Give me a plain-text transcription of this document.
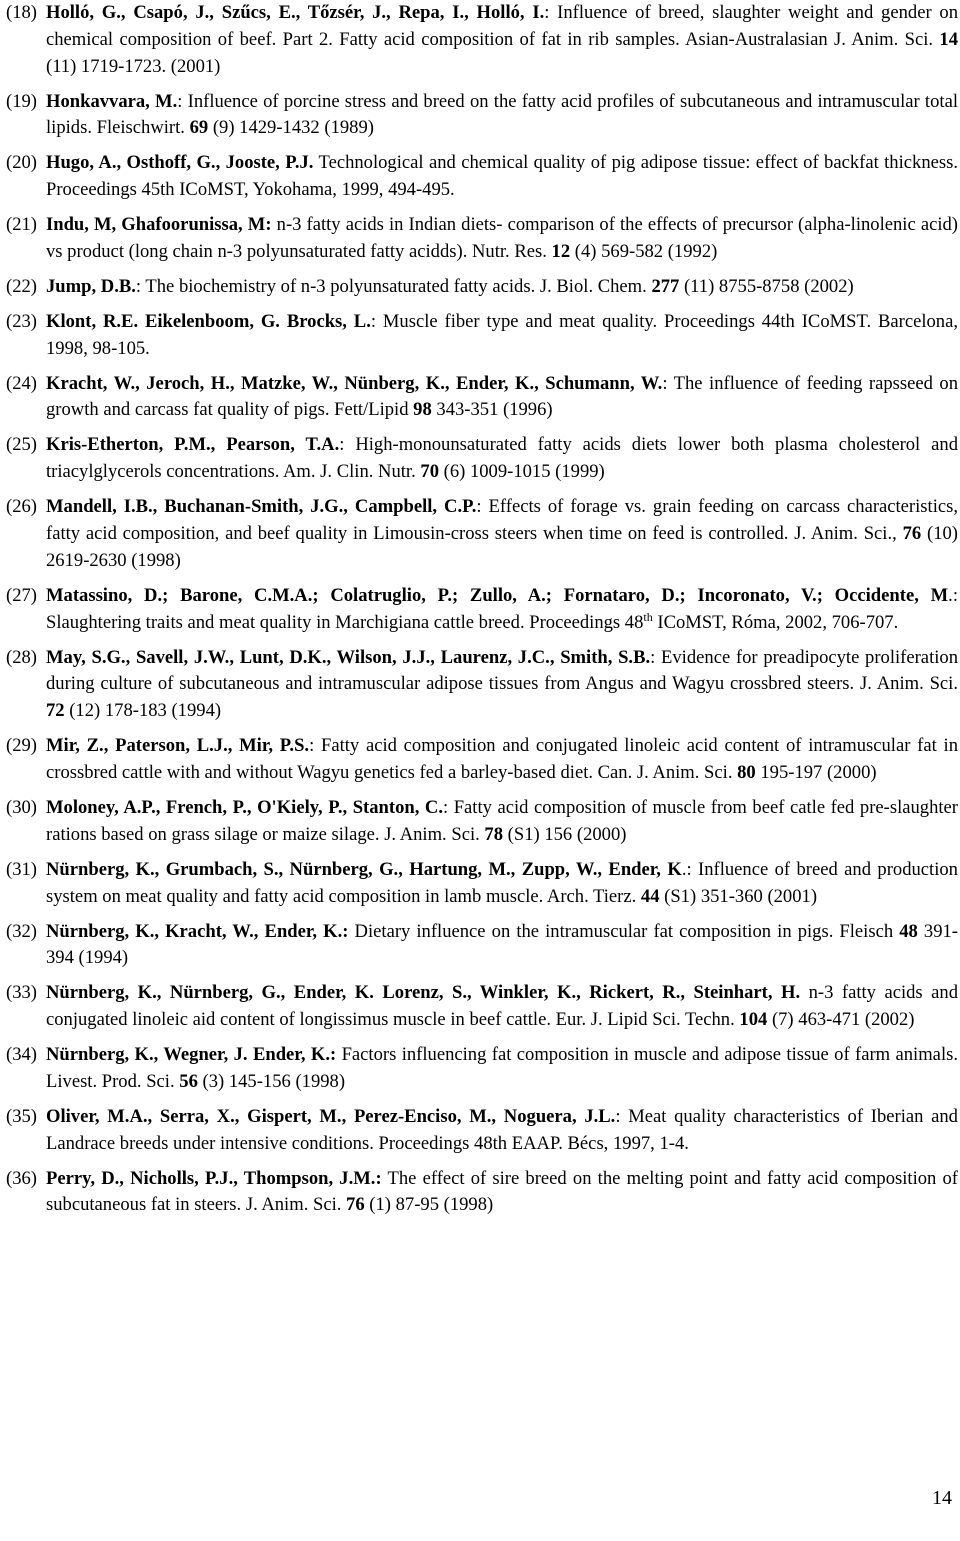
(18) Holló, G., Csapó, J., Szűcs, E., Tőzsér, J., Repa, I., Holló, I.: Influence of breed, slaughter weight and gender on chemical composition of beef. Part 2. Fatty acid composition of fat in rib samples. Asian-Australasian J. Anim. Sci. 14 (11) 1719-1723. (2001)
(19) Honkavvara, M.: Influence of porcine stress and breed on the fatty acid profiles of subcutaneous and intramuscular total lipids. Fleischwirt. 69 (9) 1429-1432 (1989)
(20) Hugo, A., Osthoff, G., Jooste, P.J. Technological and chemical quality of pig adipose tissue: effect of backfat thickness. Proceedings 45th ICoMST, Yokohama, 1999, 494-495.
(21) Indu, M, Ghafoorunissa, M: n-3 fatty acids in Indian diets- comparison of the effects of precursor (alpha-linolenic acid) vs product (long chain n-3 polyunsaturated fatty acidds). Nutr. Res. 12 (4) 569-582 (1992)
(22) Jump, D.B.: The biochemistry of n-3 polyunsaturated fatty acids. J. Biol. Chem. 277 (11) 8755-8758 (2002)
(23) Klont, R.E. Eikelenboom, G. Brocks, L.: Muscle fiber type and meat quality. Proceedings 44th ICoMST. Barcelona, 1998, 98-105.
(24) Kracht, W., Jeroch, H., Matzke, W., Nünberg, K., Ender, K., Schumann, W.: The influence of feeding rapsseed on growth and carcass fat quality of pigs. Fett/Lipid 98 343-351 (1996)
(25) Kris-Etherton, P.M., Pearson, T.A.: High-monounsaturated fatty acids diets lower both plasma cholesterol and triacylglycerols concentrations. Am. J. Clin. Nutr. 70 (6) 1009-1015 (1999)
(26) Mandell, I.B., Buchanan-Smith, J.G., Campbell, C.P.: Effects of forage vs. grain feeding on carcass characteristics, fatty acid composition, and beef quality in Limousin-cross steers when time on feed is controlled. J. Anim. Sci., 76 (10) 2619-2630 (1998)
(27) Matassino, D.; Barone, C.M.A.; Colatruglio, P.; Zullo, A.; Fornataro, D.; Incoronato, V.; Occidente, M.: Slaughtering traits and meat quality in Marchigiana cattle breed. Proceedings 48th ICoMST, Róma, 2002, 706-707.
(28) May, S.G., Savell, J.W., Lunt, D.K., Wilson, J.J., Laurenz, J.C., Smith, S.B.: Evidence for preadipocyte proliferation during culture of subcutaneous and intramuscular adipose tissues from Angus and Wagyu crossbred steers. J. Anim. Sci. 72 (12) 178-183 (1994)
(29) Mir, Z., Paterson, L.J., Mir, P.S.: Fatty acid composition and conjugated linoleic acid content of intramuscular fat in crossbred cattle with and without Wagyu genetics fed a barley-based diet. Can. J. Anim. Sci. 80 195-197 (2000)
(30) Moloney, A.P., French, P., O'Kiely, P., Stanton, C.: Fatty acid composition of muscle from beef catle fed pre-slaughter rations based on grass silage or maize silage. J. Anim. Sci. 78 (S1) 156 (2000)
(31) Nürnberg, K., Grumbach, S., Nürnberg, G., Hartung, M., Zupp, W., Ender, K.: Influence of breed and production system on meat quality and fatty acid composition in lamb muscle. Arch. Tierz. 44 (S1) 351-360 (2001)
(32) Nürnberg, K., Kracht, W., Ender, K.: Dietary influence on the intramuscular fat composition in pigs. Fleisch 48 391-394 (1994)
(33) Nürnberg, K., Nürnberg, G., Ender, K. Lorenz, S., Winkler, K., Rickert, R., Steinhart, H. n-3 fatty acids and conjugated linoleic aid content of longissimus muscle in beef cattle. Eur. J. Lipid Sci. Techn. 104 (7) 463-471 (2002)
(34) Nürnberg, K., Wegner, J. Ender, K.: Factors influencing fat composition in muscle and adipose tissue of farm animals. Livest. Prod. Sci. 56 (3) 145-156 (1998)
(35) Oliver, M.A., Serra, X., Gispert, M., Perez-Enciso, M., Noguera, J.L.: Meat quality characteristics of Iberian and Landrace breeds under intensive conditions. Proceedings 48th EAAP. Bécs, 1997, 1-4.
(36) Perry, D., Nicholls, P.J., Thompson, J.M.: The effect of sire breed on the melting point and fatty acid composition of subcutaneous fat in steers. J. Anim. Sci. 76 (1) 87-95 (1998)
14
